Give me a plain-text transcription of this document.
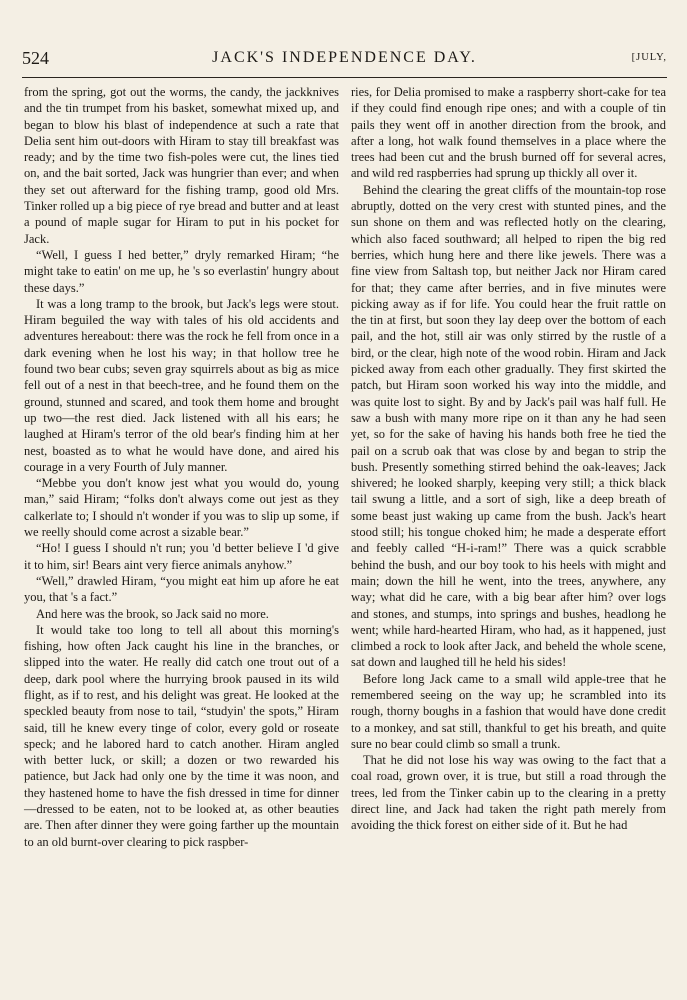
524	JACK'S INDEPENDENCE DAY.	[JULY,

from the spring, got out the worms, the candy, the jackknives and the tin trumpet from his basket, somewhat mixed up, and began to blow his blast of independence at such a rate that Delia sent him out-doors with Hiram to stay till breakfast was ready; and by the time two fish-poles were cut, the lines tied on, and the bait sorted, Jack was hungrier than ever; and when they set out afterward for the fishing tramp, good old Mrs. Tinker rolled up a big piece of rye bread and butter and at least a pound of maple sugar for Hiram to put in his pocket for Jack.

“Well, I guess I hed better,” dryly remarked Hiram; “he might take to eatin' on me up, he 's so everlastin' hungry about these days.”

It was a long tramp to the brook, but Jack's legs were stout. Hiram beguiled the way with tales of his old accidents and adventures hereabout: there was the rock he fell from once in a dark evening when he lost his way; in that hollow tree he found two bear cubs; seven gray squirrels about as big as mice fell out of a nest in that beech-tree, and he found them on the ground, stunned and scared, and took them home and brought up two—the rest died. Jack listened with all his ears; he laughed at Hiram's terror of the old bear's finding him at her nest, boasted as to what he would have done, and aired his courage in a very Fourth of July manner.

“Mebbe you don't know jest what you would do, young man,” said Hiram; “folks don't always come out jest as they calkerlate to; I should n't wonder if you was to slip up some, if we reelly should come acrost a sizable bear.”

“Ho! I guess I should n't run; you 'd better believe I 'd give it to him, sir! Bears aint very fierce animals anyhow.”

“Well,” drawled Hiram, “you might eat him up afore he eat you, that 's a fact.”

And here was the brook, so Jack said no more.

It would take too long to tell all about this morning's fishing, how often Jack caught his line in the branches, or slipped into the water. He really did catch one trout out of a deep, dark pool where the hurrying brook paused in its wild flight, as if to rest, and his delight was great. He looked at the speckled beauty from nose to tail, “studyin' the spots,” Hiram said, till he knew every tinge of color, every gold or roseate speck; and he labored hard to catch another. Hiram angled with better luck, or skill; a dozen or two rewarded his patience, but Jack had only one by the time it was noon, and they hastened home to have the fish dressed in time for dinner—dressed to be eaten, not to be looked at, as other beauties are. Then after dinner they were going farther up the mountain to an old burnt-over clearing to pick raspber-

ries, for Delia promised to make a raspberry short-cake for tea if they could find enough ripe ones; and with a couple of tin pails they went off in another direction from the brook, and after a long, hot walk found themselves in a place where the trees had been cut and the brush burned off for several acres, and wild red raspberries had sprung up thickly all over it.

Behind the clearing the great cliffs of the mountain-top rose abruptly, dotted on the very crest with stunted pines, and the sun shone on them and was reflected hotly on the clearing, which also faced southward; all helped to ripen the big red berries, which hung here and there like jewels. There was a fine view from Saltash top, but neither Jack nor Hiram cared for that; they came after berries, and in five minutes were picking away as if for life. You could hear the fruit rattle on the tin at first, but soon they lay deep over the bottom of each pail, and the hot, still air was only stirred by the rustle of a bird, or the clear, high note of the wood robin. Hiram and Jack picked away from each other gradually. They first skirted the patch, but Hiram soon worked his way into the middle, and was quite lost to sight. By and by Jack's pail was half full. He saw a bush with many more ripe on it than any he had seen yet, so for the sake of having his hands both free he tied the pail on a scrub oak that was close by and began to strip the bush. Presently something stirred behind the oak-leaves; Jack shivered; he looked sharply, keeping very still; a thick black tail swung a little, and a sort of sigh, like a deep breath of some beast just waking up came from the bush. Jack's heart stood still; his tongue choked him; he made a desperate effort and feebly called “H-i-ram!” There was a quick scrabble behind the bush, and our boy took to his heels with might and main; down the hill he went, into the trees, anywhere, any way; what did he care, with a big bear after him? over logs and stones, and stumps, into springs and bushes, headlong he went; while hard-hearted Hiram, who had, as it happened, just climbed a rock to look after Jack, and beheld the whole scene, sat down and laughed till he held his sides!

Before long Jack came to a small wild apple-tree that he remembered seeing on the way up; he scrambled into its rough, thorny boughs in a fashion that would have done credit to a monkey, and sat still, thankful to get his breath, and quite sure no bear could climb so small a trunk.

That he did not lose his way was owing to the fact that a coal road, grown over, it is true, but still a road through the trees, led from the Tinker cabin up to the clearing in a pretty direct line, and Jack had taken the right path merely from avoiding the thick forest on either side of it. But he had
